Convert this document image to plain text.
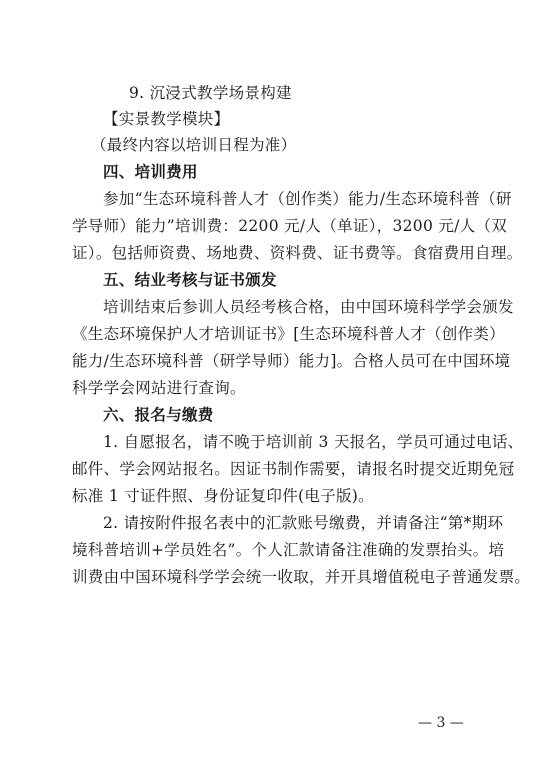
9. 沉浸式教学场景构建
【实景教学模块】
（最终内容以培训日程为准）
四、培训费用
参加“生态环境科普人才（创作类）能力/生态环境科普（研
学导师）能力”培训费：2200 元/人（单证），3200 元/人（双
证）。包括师资费、场地费、资料费、证书费等。食宿费用自理。
五、结业考核与证书颁发
培训结束后参训人员经考核合格，由中国环境科学学会颁发
《生态环境保护人才培训证书》[生态环境科普人才（创作类）
能力/生态环境科普（研学导师）能力]。合格人员可在中国环境
科学学会网站进行查询。
六、报名与缴费
1. 自愿报名，请不晚于培训前 3 天报名，学员可通过电话、
邮件、学会网站报名。因证书制作需要，请报名时提交近期免冠
标准 1 寸证件照、身份证复印件(电子版)。
2. 请按附件报名表中的汇款账号缴费，并请备注“第*期环
境科普培训+学员姓名”。个人汇款请备注准确的发票抬头。培
训费由中国环境科学学会统一收取，并开具增值税电子普通发票。
— 3 —
